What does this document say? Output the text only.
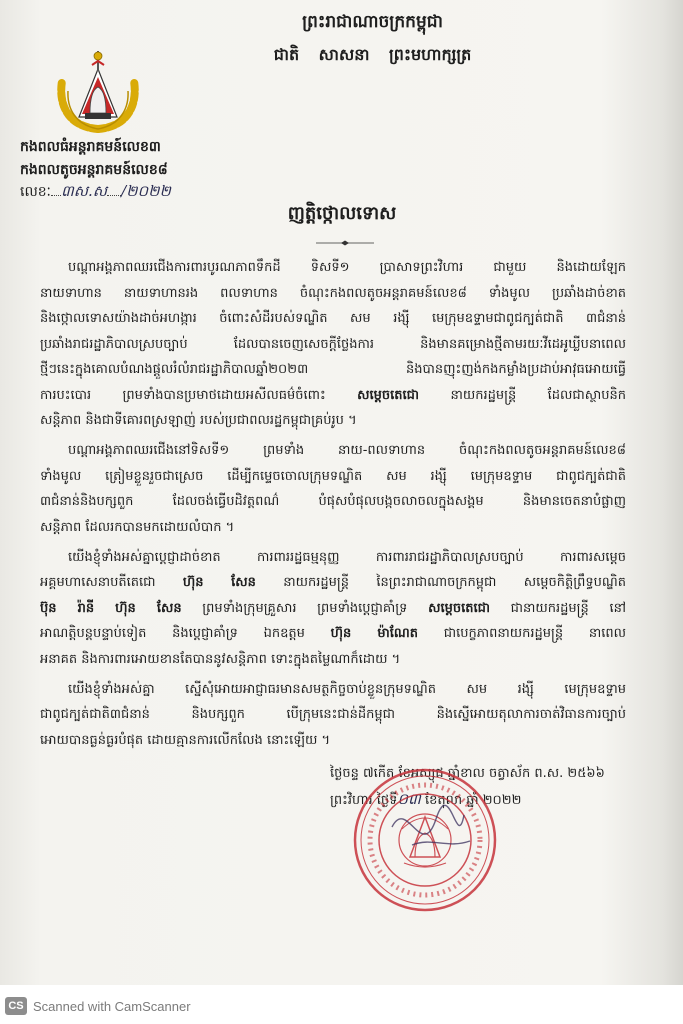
ព្រះរាជាណាចក្រកម្ពុជា
ជាតិ សាសនា ព្រះមហាក្សត្រ
កងពលធំអន្តរាគមន៍លេខ៣
កងពលតូចអន្តរាគមន៍លេខ៨
លេខៈ ៣ស.ស /២០២២
ញត្តិថ្កោលទោស
បណ្តាអង្គភាពឈរជើងការពារបូរណភាពទឹកដី ទិសទី១ ប្រាសាទព្រះវិហារ ជាមួយ និងដោយឡែក
នាយទាហាន នាយទាហានរង ពលទាហាន ចំណុះកងពលតូចអន្តរាគមន៍លេខ៨ ទាំងមូល ប្រឆាំងដាច់ខាត
និងថ្កោលទោសយ៉ាងដាច់អហង្ការ ចំពោះសំដីរបស់ទណ្ឌិត សម រង្ស៊ី មេក្រុមឧទ្ទាមជាពូជក្បត់ជាតិ ៣ជំនាន់
ប្រឆាំងរាជរដ្ឋាភិបាលស្របច្បាប់ ដែលបានចេញសេចក្តីថ្លែងការ និងមានគម្រោងថ្មីតាមរយៈវីដេអូឃ្លីបនាពេល
ថ្មីៗនេះក្នុងគោលបំណងផ្តួលរំលំរាជរដ្ឋាភិបាលឆ្នាំ២០២៣ និងបានញុះញង់កងកម្លាំងប្រដាប់អាវុធអោយធ្វើ
ការបះបោរ ព្រមទាំងបានប្រមាថដោយអសីលធម៌ចំពោះ សម្តេចតេជោ នាយករដ្ឋមន្ត្រី ដែលជាស្ថាបនិក
សន្តិភាព និងជាទីគោរពស្រឡាញ់ របស់ប្រជាពលរដ្ឋកម្ពុជាគ្រប់រូប ។
បណ្តាអង្គភាពឈរជើងនៅទិសទី១ ព្រមទាំង នាយ-ពលទាហាន ចំណុះកងពលតូចអន្តរាគមន៍លេខ៨
ទាំងមូល ត្រៀមខ្លួនរួចជាស្រេច ដើម្បីកម្ទេចចោលក្រុមទណ្ឌិត សម រង្ស៊ី មេក្រុមឧទ្ទាម ជាពូជក្បត់ជាតិ
៣ជំនាន់និងបក្សពួក ដែលចង់ធ្វើបដិវត្តពណ៌ បំផុសបំផុលបង្កចលាចលក្នុងសង្គម និងមានចេតនាបំផ្លាញ
សន្តិភាព ដែលរកបានមកដោយលំបាក ។
យើងខ្ញុំទាំងអស់គ្នាប្តេជ្ញាដាច់ខាត ការពាររដ្ឋធម្មនុញ្ញ ការពាររាជរដ្ឋាភិបាលស្របច្បាប់ ការពារសម្តេច
អគ្គមហាសេនាបតីតេជោ ហ៊ុន សែន នាយករដ្ឋមន្ត្រី នៃព្រះរាជាណាចក្រកម្ពុជា សម្តេចកិត្តិព្រឹទ្ធបណ្ឌិត
ប៊ុន រ៉ានី ហ៊ុន សែន ព្រមទាំងក្រុមគ្រួសារ ព្រមទាំងប្តេជ្ញាគាំទ្រ សម្តេចតេជោ ជានាយករដ្ឋមន្ត្រី នៅ
អាណត្តិបន្តបន្ទាប់ទៀត និងប្តេជ្ញាគាំទ្រ ឯកឧត្តម ហ៊ុន ម៉ាណែត ជាបេក្ខភាពនាយករដ្ឋមន្ត្រី នាពេល
អនាគត និងការពារអោយខានតែបាននូវសន្តិភាព ទោះក្នុងតម្លៃណាក៏ដោយ ។
យើងខ្ញុំទាំងអស់គ្នា ស្នើសុំអោយអាជ្ញាធរមានសមត្ថកិច្ចចាប់ខ្លួនក្រុមទណ្ឌិត សម រង្ស៊ី មេក្រុមឧទ្ទាម
ជាពូជក្បត់ជាតិ៣ជំនាន់ និងបក្សពួក បើក្រុមនេះជាន់ដីកម្ពុជា និងស្នើអោយតុលាការចាត់វិធានការច្បាប់
អោយបានធ្ងន់ធ្ងរបំផុត ដោយគ្មានការលើកលែង នោះឡើយ ។
ថ្ងៃចន្ទ ៧កើត ខែអស្សុជ ឆ្នាំខាល ចត្វាស័ក ព.ស. ២៥៦៦
ព្រះវិហារ ថ្ងៃទី០៣ ខែតុលា ឆ្នាំ ២០២២
CS Scanned with CamScanner
